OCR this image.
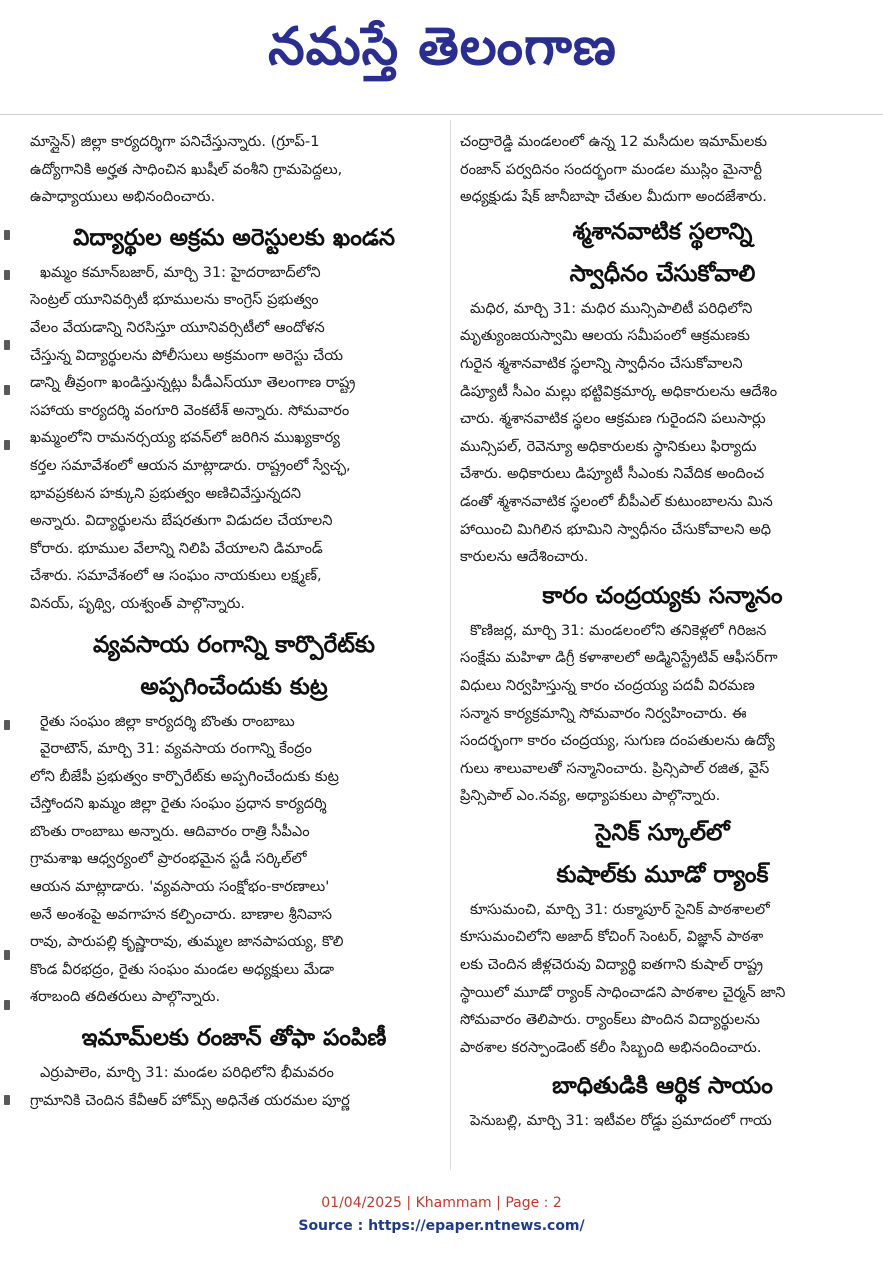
నమస్తే తెలంగాణ
మాస్లైన్) జిల్లా కార్యదర్శిగా పనిచేస్తున్నారు. (గ్రూప్-1
ఉద్యోగానికి అర్హత సాధించిన ఖుషీల్ వంశీని గ్రామపెద్దలు,
ఉపాధ్యాయులు అభినందించారు.
విద్యార్థుల అక్రమ అరెస్టులకు ఖండన
ఖమ్మం కమాన్‌బజార్, మార్చి 31: హైదరాబాద్‌లోని
సెంట్రల్ యూనివర్సిటీ భూములను కాంగ్రెస్ ప్రభుత్వం
వేలం వేయడాన్ని నిరసిస్తూ యూనివర్సిటీలో ఆందోళన
చేస్తున్న విద్యార్థులను పోలీసులు అక్రమంగా అరెస్టు చేయ
డాన్ని తీవ్రంగా ఖండిస్తున్నట్లు పీడీఎస్‌యూ తెలంగాణ రాష్ట్ర
సహాయ కార్యదర్శి వంగూరి వెంకటేశ్ అన్నారు. సోమవారం
ఖమ్మంలోని రామనర్సయ్య భవన్‌లో జరిగిన ముఖ్యకార్య
కర్తల సమావేశంలో ఆయన మాట్లాడారు. రాష్ట్రంలో స్వేచ్ఛ,
భావప్రకటన హక్కుని ప్రభుత్వం అణిచివేస్తున్నదని
అన్నారు. విద్యార్థులను బేషరతుగా విడుదల చేయాలని
కోరారు. భూముల వేలాన్ని నిలిపి వేయాలని డిమాండ్
చేశారు. సమావేశంలో ఆ సంఘం నాయకులు లక్ష్మణ్,
వినయ్, పృథ్వి, యశ్వంత్ పాల్గొన్నారు.
వ్యవసాయ రంగాన్ని కార్పొరేట్‌కు
అప్పగించేందుకు కుట్ర
రైతు సంఘం జిల్లా కార్యదర్శి బొంతు రాంబాబు
వైరాటౌన్, మార్చి 31: వ్యవసాయ రంగాన్ని కేంద్రం
లోని బీజేపీ ప్రభుత్వం కార్పొరేట్‌కు అప్పగించేందుకు కుట్ర
చేస్తోందని ఖమ్మం జిల్లా రైతు సంఘం ప్రధాన కార్యదర్శి
బొంతు రాంబాబు అన్నారు. ఆదివారం రాత్రి సీపీఎం
గ్రామశాఖ ఆధ్వర్యంలో ప్రారంభమైన స్టడీ సర్కిల్‌లో
ఆయన మాట్లాడారు. 'వ్యవసాయ సంక్షోభం-కారణాలు'
అనే అంశంపై అవగాహన కల్పించారు. బాణాల శ్రీనివాస
రావు, పారుపల్లి కృష్ణారావు, తుమ్మల జానపాపయ్య, కొలి
కొండ వీరభద్రం, రైతు సంఘం మండల అధ్యక్షులు మేడా
శరాబంది తదితరులు పాల్గొన్నారు.
ఇమామ్‌లకు రంజాన్ తోఫా పంపిణీ
ఎర్రుపాలెం, మార్చి 31: మండల పరిధిలోని భీమవరం
గ్రామానికి చెందిన కేవీఆర్ హోమ్స్ అధినేత యరమల పూర్ణ
చంద్రారెడ్డి మండలంలో ఉన్న 12 మసీదుల ఇమామ్‌లకు
రంజాన్ పర్వదినం సందర్భంగా మండల ముస్లిం మైనార్టీ
అధ్యక్షుడు షేక్ జానీబాషా చేతుల మీదుగా అందజేశారు.
శ్మశానవాటిక స్థలాన్ని
స్వాధీనం చేసుకోవాలి
మధిర, మార్చి 31: మధిర మున్సిపాలిటీ పరిధిలోని
మృత్యుంజయస్వామి ఆలయ సమీపంలో ఆక్రమణకు
గురైన శ్మశానవాటిక స్థలాన్ని స్వాధీనం చేసుకోవాలని
డిప్యూటీ సీఎం మల్లు భట్టివిక్రమార్క అధికారులను ఆదేశిం
చారు. శ్మశానవాటిక స్థలం ఆక్రమణ గురైందని పలుసార్లు
మున్సిపల్, రెవెన్యూ అధికారులకు స్థానికులు ఫిర్యాదు
చేశారు. అధికారులు డిప్యూటీ సీఎంకు నివేదిక అందించ
డంతో శ్మశానవాటిక స్థలంలో బీపీఎల్ కుటుంబాలను మిన
హాయించి మిగిలిన భూమిని స్వాధీనం చేసుకోవాలని అధి
కారులను ఆదేశించారు.
కారం చంద్రయ్యకు సన్మానం
కొణిజర్ల, మార్చి 31: మండలంలోని తనికెళ్లలో గిరిజన
సంక్షేమ మహిళా డిగ్రీ కళాశాలలో అడ్మినిస్ట్రేటివ్ ఆఫీసర్‌గా
విధులు నిర్వహిస్తున్న కారం చంద్రయ్య పదవీ విరమణ
సన్మాన కార్యక్రమాన్ని సోమవారం నిర్వహించారు. ఈ
సందర్భంగా కారం చంద్రయ్య, సుగుణ దంపతులను ఉద్యో
గులు శాలువాలతో సన్మానించారు. ప్రిన్సిపాల్ రజిత, వైస్
ప్రిన్సిపాల్ ఎం.నవ్య, అధ్యాపకులు పాల్గొన్నారు.
సైనిక్ స్కూల్‌లో
కుషాల్‌కు మూడో ర్యాంక్
కూసుమంచి, మార్చి 31: రుక్మాపూర్ సైనిక్ పాఠశాలలో
కూసుమంచిలోని అజాద్ కోచింగ్ సెంటర్, విజ్ఞాన్ పాఠశా
లకు చెందిన జీళ్లచెరువు విద్యార్థి ఐతగాని కుషాల్ రాష్ట్ర
స్థాయిలో మూడో ర్యాంక్ సాధించాడని పాఠశాల చైర్మన్ జాని
సోమవారం తెలిపారు. ర్యాంక్‌లు పొందిన విద్యార్థులను
పాఠశాల కరస్పాండెంట్ కలీం సిబ్బంది అభినందించారు.
బాధితుడికి ఆర్థిక సాయం
పెనుబల్లి, మార్చి 31: ఇటీవల రోడ్డు ప్రమాదంలో గాయ
01/04/2025 | Khammam | Page : 2
Source : https://epaper.ntnews.com/
